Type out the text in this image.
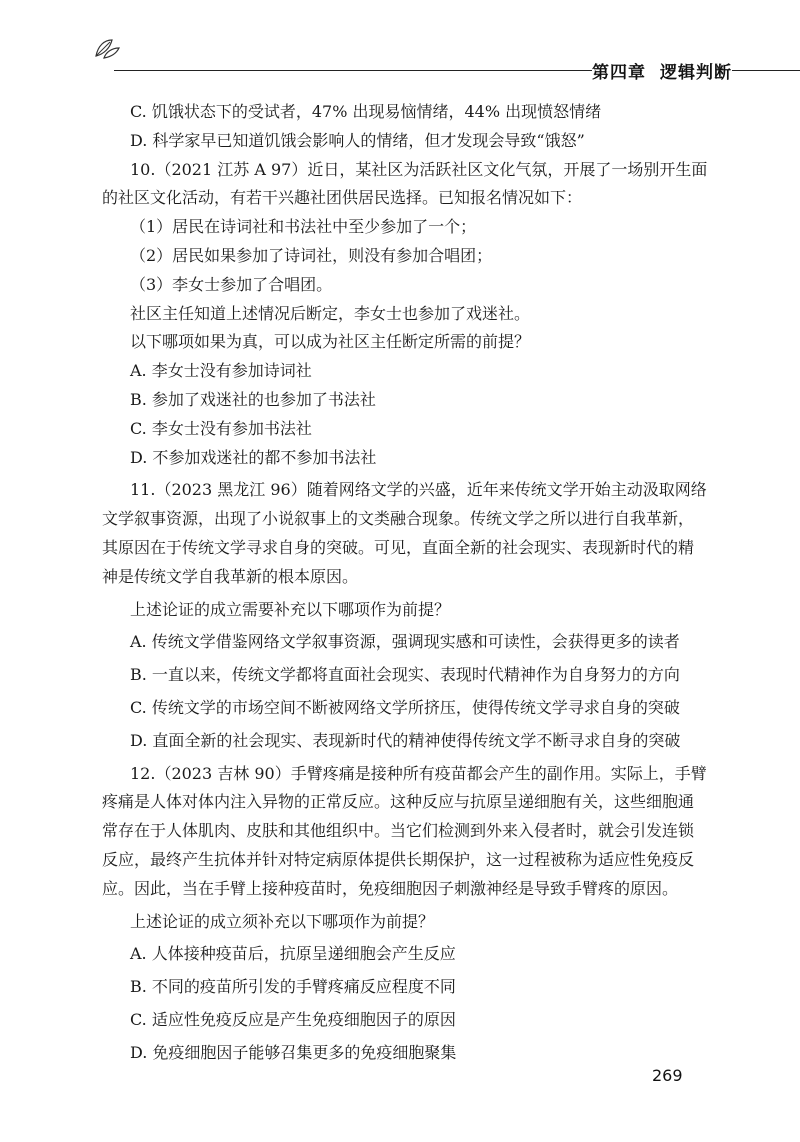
第四章 逻辑判断
C. 饥饿状态下的受试者，47% 出现易恼情绪，44% 出现愤怒情绪
D. 科学家早已知道饥饿会影响人的情绪，但才发现会导致“饿怒”
10.（2021 江苏 A 97）近日，某社区为活跃社区文化气氛，开展了一场别开生面
的社区文化活动，有若干兴趣社团供居民选择。已知报名情况如下：
（1）居民在诗词社和书法社中至少参加了一个；
（2）居民如果参加了诗词社，则没有参加合唱团；
（3）李女士参加了合唱团。
社区主任知道上述情况后断定，李女士也参加了戏迷社。
以下哪项如果为真，可以成为社区主任断定所需的前提？
A. 李女士没有参加诗词社
B. 参加了戏迷社的也参加了书法社
C. 李女士没有参加书法社
D. 不参加戏迷社的都不参加书法社
11.（2023 黑龙江 96）随着网络文学的兴盛，近年来传统文学开始主动汲取网络
文学叙事资源，出现了小说叙事上的文类融合现象。传统文学之所以进行自我革新，
其原因在于传统文学寻求自身的突破。可见，直面全新的社会现实、表现新时代的精
神是传统文学自我革新的根本原因。
上述论证的成立需要补充以下哪项作为前提？
A. 传统文学借鉴网络文学叙事资源，强调现实感和可读性，会获得更多的读者
B. 一直以来，传统文学都将直面社会现实、表现时代精神作为自身努力的方向
C. 传统文学的市场空间不断被网络文学所挤压，使得传统文学寻求自身的突破
D. 直面全新的社会现实、表现新时代的精神使得传统文学不断寻求自身的突破
12.（2023 吉林 90）手臂疼痛是接种所有疫苗都会产生的副作用。实际上，手臂
疼痛是人体对体内注入异物的正常反应。这种反应与抗原呈递细胞有关，这些细胞通
常存在于人体肌肉、皮肤和其他组织中。当它们检测到外来入侵者时，就会引发连锁
反应，最终产生抗体并针对特定病原体提供长期保护，这一过程被称为适应性免疫反
应。因此，当在手臂上接种疫苗时，免疫细胞因子刺激神经是导致手臂疼的原因。
上述论证的成立须补充以下哪项作为前提？
A. 人体接种疫苗后，抗原呈递细胞会产生反应
B. 不同的疫苗所引发的手臂疼痛反应程度不同
C. 适应性免疫反应是产生免疫细胞因子的原因
D. 免疫细胞因子能够召集更多的免疫细胞聚集
269
